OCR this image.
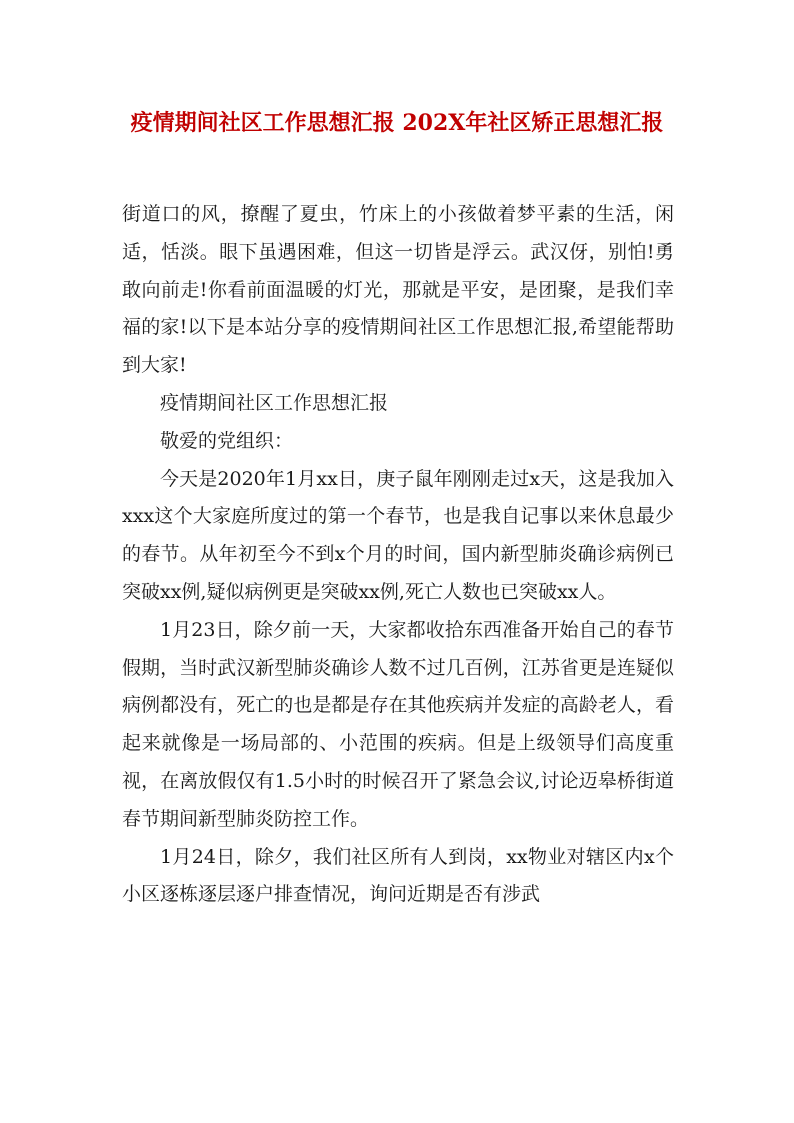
疫情期间社区工作思想汇报 202X年社区矫正思想汇报

街道口的风，撩醒了夏虫，竹床上的小孩做着梦平素的生活，闲适，恬淡。眼下虽遇困难，但这一切皆是浮云。武汉伢，别怕!勇敢向前走!你看前面温暖的灯光，那就是平安，是团聚，是我们幸福的家!以下是本站分享的疫情期间社区工作思想汇报,希望能帮助到大家!

疫情期间社区工作思想汇报

敬爱的党组织：

今天是2020年1月xx日，庚子鼠年刚刚走过x天，这是我加入xxx这个大家庭所度过的第一个春节，也是我自记事以来休息最少的春节。从年初至今不到x个月的时间，国内新型肺炎确诊病例已突破xx例,疑似病例更是突破xx例,死亡人数也已突破xx人。

1月23日，除夕前一天，大家都收拾东西准备开始自己的春节假期，当时武汉新型肺炎确诊人数不过几百例，江苏省更是连疑似病例都没有，死亡的也是都是存在其他疾病并发症的高龄老人，看起来就像是一场局部的、小范围的疾病。但是上级领导们高度重视，在离放假仅有1.5小时的时候召开了紧急会议,讨论迈皋桥街道春节期间新型肺炎防控工作。

1月24日，除夕，我们社区所有人到岗，xx物业对辖区内x个小区逐栋逐层逐户排查情况，询问近期是否有涉武
